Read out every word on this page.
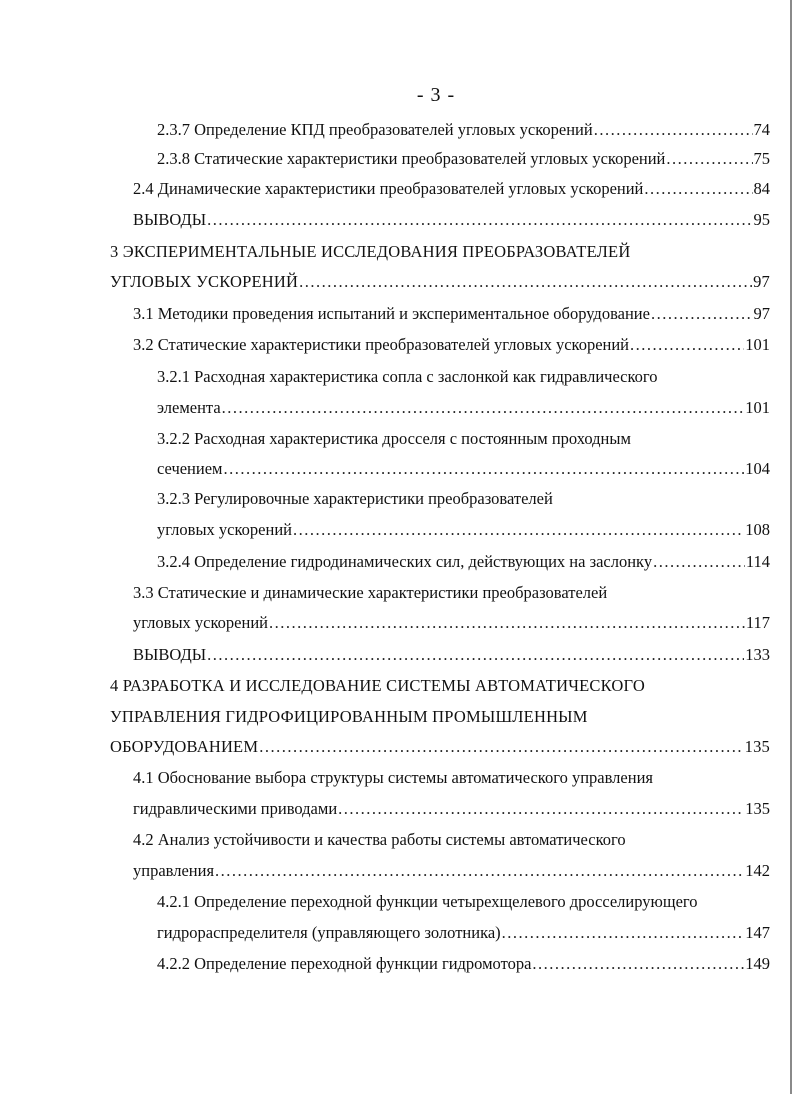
- 3 -
2.3.7 Определение КПД преобразователей угловых ускорений .....	74
2.3.8 Статические характеристики преобразователей угловых ускорений .....	75
2.4 Динамические характеристики преобразователей угловых ускорений .....	84
ВЫВОДЫ .....	95
3 ЭКСПЕРИМЕНТАЛЬНЫЕ ИССЛЕДОВАНИЯ ПРЕОБРАЗОВАТЕЛЕЙ
УГЛОВЫХ УСКОРЕНИЙ .....	97
3.1 Методики проведения испытаний и экспериментальное оборудование .....	97
3.2 Статические характеристики преобразователей угловых ускорений .....	101
3.2.1 Расходная характеристика сопла с заслонкой как гидравлического
элемента .....	101
3.2.2 Расходная характеристика дросселя с постоянным проходным
сечением .....	104
3.2.3 Регулировочные характеристики преобразователей
угловых ускорений .....	108
3.2.4 Определение гидродинамических сил, действующих на заслонку .....	114
3.3 Статические и динамические характеристики преобразователей
угловых ускорений .....	117
ВЫВОДЫ .....	133
4 РАЗРАБОТКА И ИССЛЕДОВАНИЕ СИСТЕМЫ АВТОМАТИЧЕСКОГО
УПРАВЛЕНИЯ ГИДРОФИЦИРОВАННЫМ ПРОМЫШЛЕННЫМ
ОБОРУДОВАНИЕМ .....	135
4.1 Обоснование выбора структуры системы автоматического управления
гидравлическими приводами .....	135
4.2 Анализ устойчивости и качества работы системы автоматического
управления .....	142
4.2.1 Определение переходной функции четырехщелевого дросселирующего
гидрораспределителя (управляющего золотника) .....	147
4.2.2 Определение переходной функции гидромотора .....	149
